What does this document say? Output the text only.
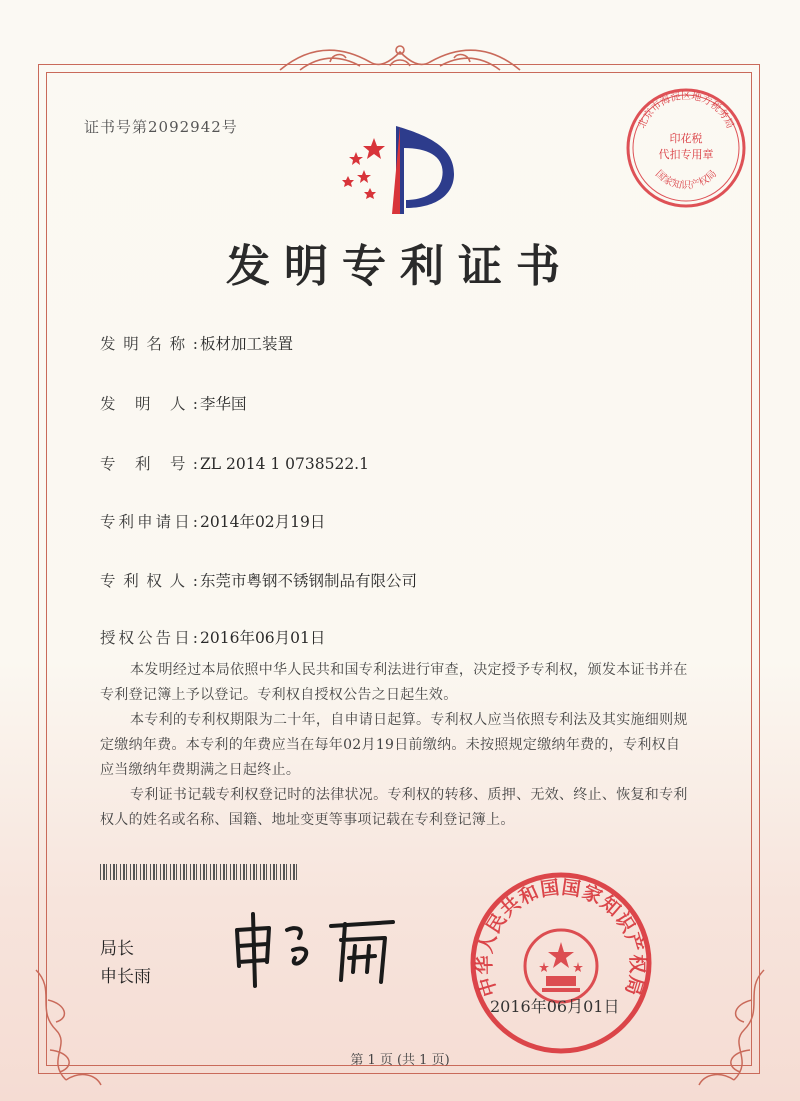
证书号第2092942号
发明专利证书
发明名称: 板材加工装置
发 明 人: 李华国
专 利 号: ZL 2014 1 0738522.1
专利申请日: 2014年02月19日
专利权人: 东莞市粤钢不锈钢制品有限公司
授权公告日: 2016年06月01日
本发明经过本局依照中华人民共和国专利法进行审查，决定授予专利权，颁发本证书并在专利登记簿上予以登记。专利权自授权公告之日起生效。
本专利的专利权期限为二十年，自申请日起算。专利权人应当依照专利法及其实施细则规定缴纳年费。本专利的年费应当在每年02月19日前缴纳。未按照规定缴纳年费的，专利权自应当缴纳年费期满之日起终止。
专利证书记载专利权登记时的法律状况。专利权的转移、质押、无效、终止、恢复和专利权人的姓名或名称、国籍、地址变更等事项记载在专利登记簿上。
局长
申长雨	中华人民共和国国家知识产权局
2016年06月01日
北京市海淀区地方税务局
印花税
代扣专用章
国家知识产权局
第 1 页 (共 1 页)
